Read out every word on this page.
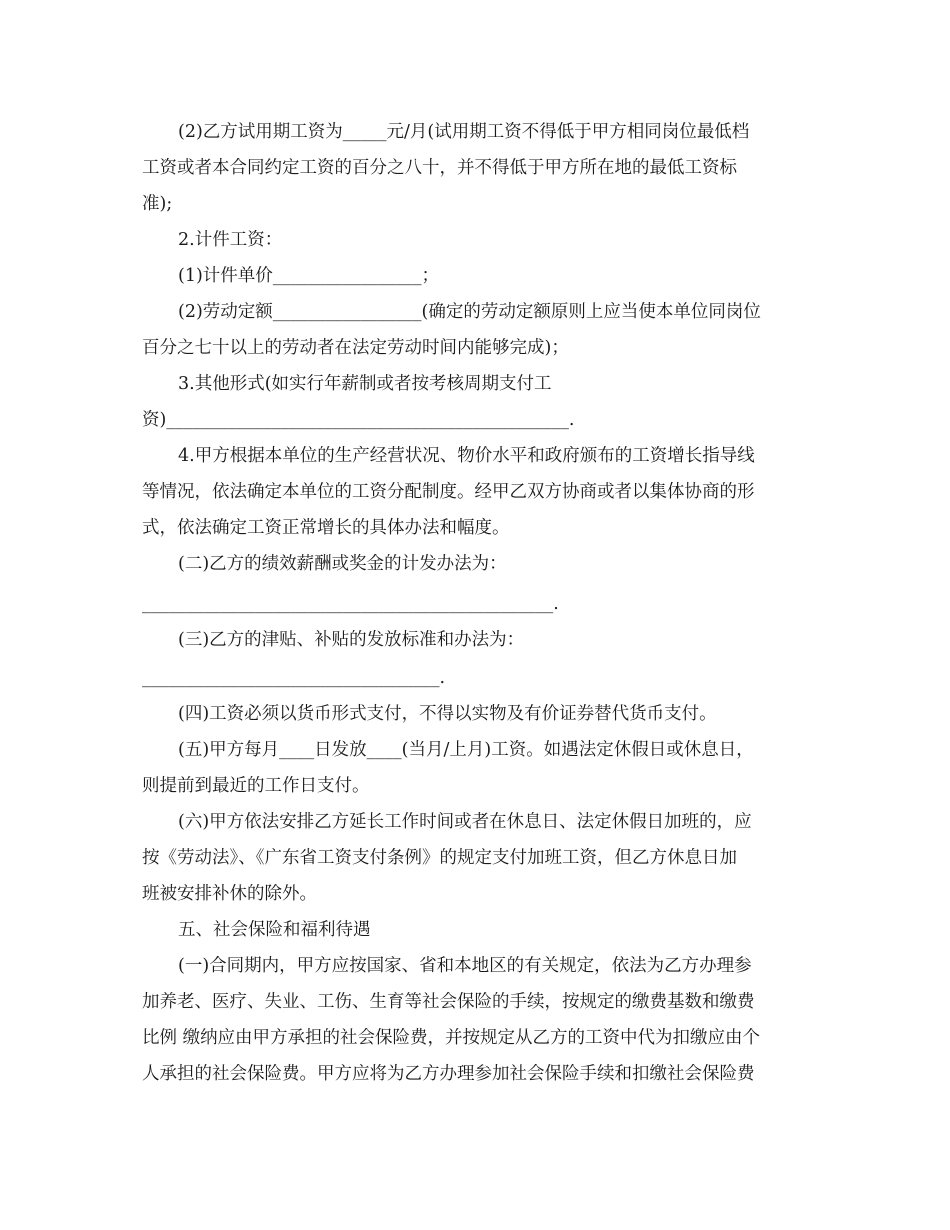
(2)乙方试用期工资为_____元/月(试用期工资不得低于甲方相同岗位最低档
工资或者本合同约定工资的百分之八十，并不得低于甲方所在地的最低工资标
准);
2.计件工资：
(1)计件单价_________________；
(2)劳动定额_________________(确定的劳动定额原则上应当使本单位同岗位
百分之七十以上的劳动者在法定劳动时间内能够完成)；
3.其他形式(如实行年薪制或者按考核周期支付工
资)______________________________________________.
4.甲方根据本单位的生产经营状况、物价水平和政府颁布的工资增长指导线
等情况，依法确定本单位的工资分配制度。经甲乙双方协商或者以集体协商的形
式，依法确定工资正常增长的具体办法和幅度。
(二)乙方的绩效薪酬或奖金的计发办法为：
_______________________________________________.
(三)乙方的津贴、补贴的发放标准和办法为：
__________________________________.
(四)工资必须以货币形式支付，不得以实物及有价证券替代货币支付。
(五)甲方每月____日发放____(当月/上月)工资。如遇法定休假日或休息日，
则提前到最近的工作日支付。
(六)甲方依法安排乙方延长工作时间或者在休息日、法定休假日加班的，应
按《劳动法》、《广东省工资支付条例》的规定支付加班工资，但乙方休息日加
班被安排补休的除外。
五、社会保险和福利待遇
(一)合同期内，甲方应按国家、省和本地区的有关规定，依法为乙方办理参
加养老、医疗、失业、工伤、生育等社会保险的手续，按规定的缴费基数和缴费
比例 缴纳应由甲方承担的社会保险费，并按规定从乙方的工资中代为扣缴应由个
人承担的社会保险费。甲方应将为乙方办理参加社会保险手续和扣缴社会保险费
